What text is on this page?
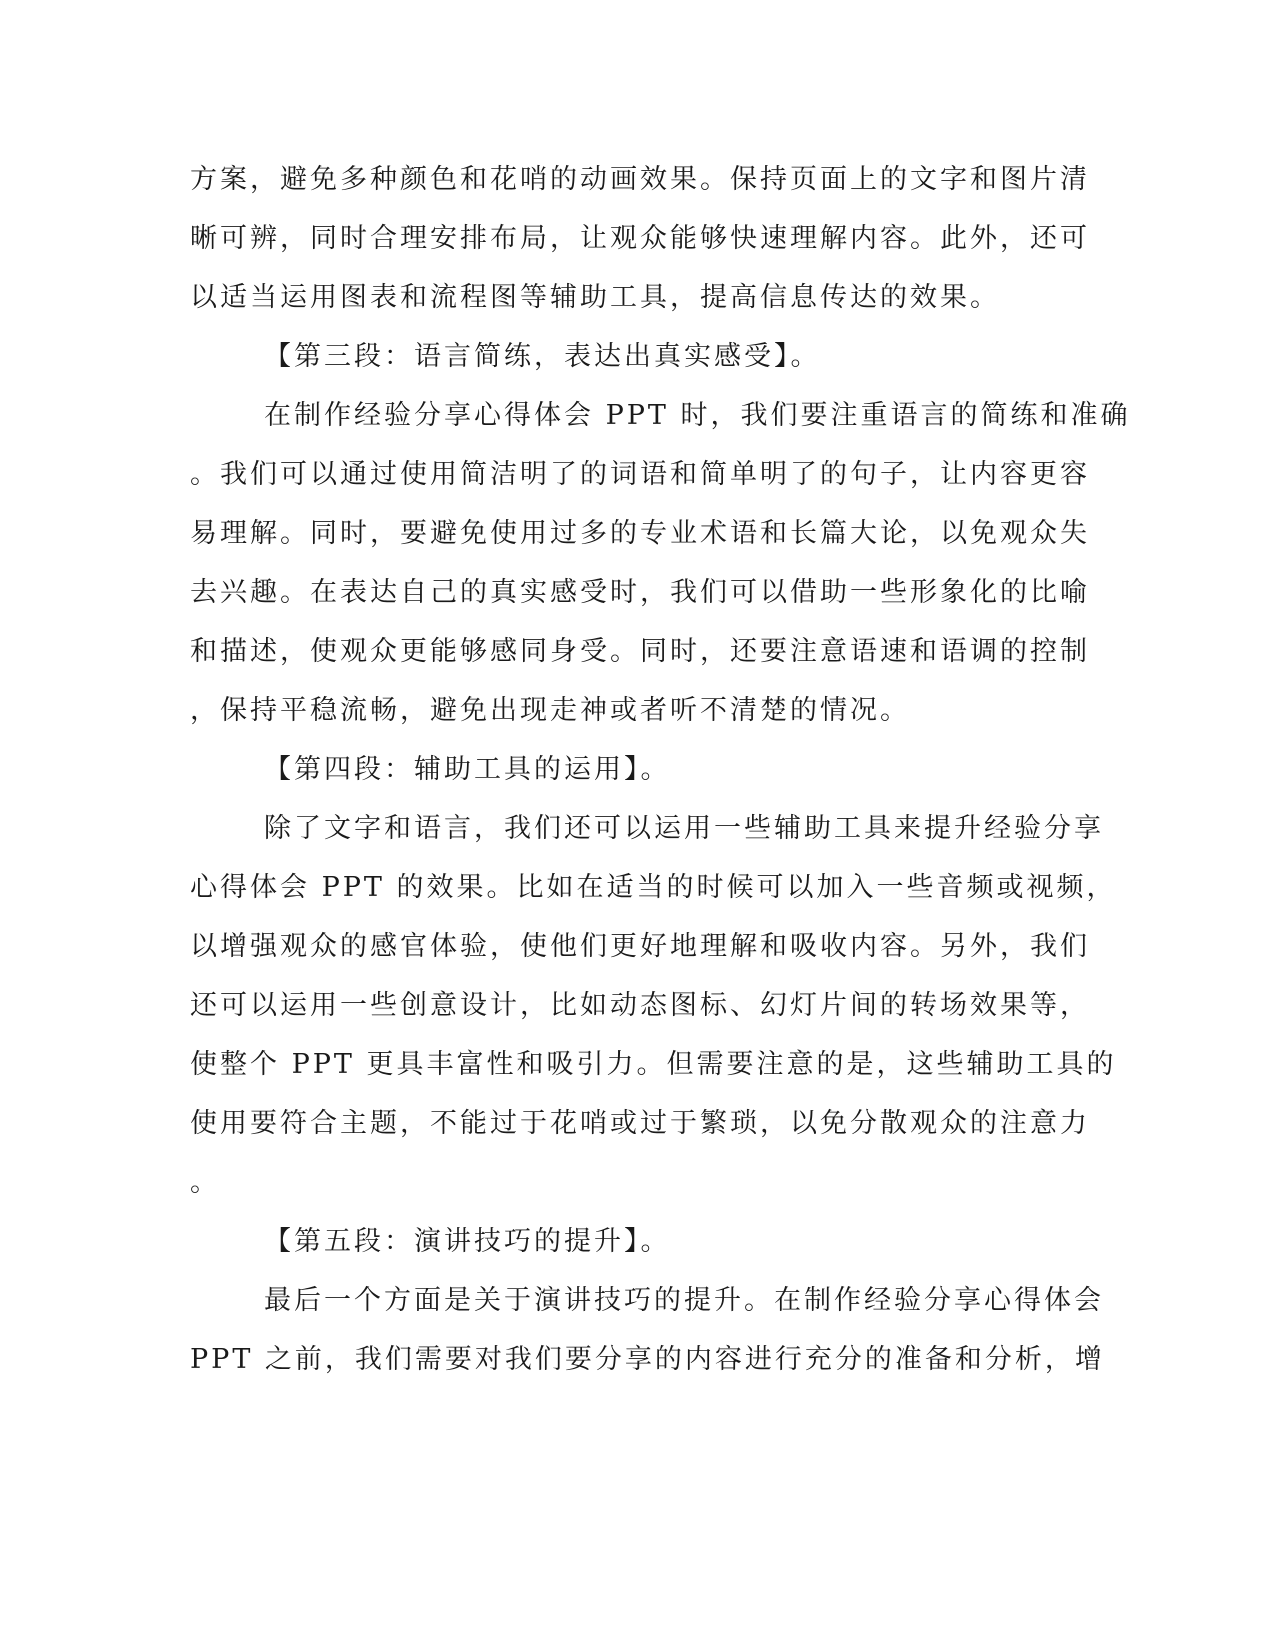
方案，避免多种颜色和花哨的动画效果。保持页面上的文字和图片清
晰可辨，同时合理安排布局，让观众能够快速理解内容。此外，还可
以适当运用图表和流程图等辅助工具，提高信息传达的效果。
【第三段：语言简练，表达出真实感受】。
在制作经验分享心得体会 PPT 时，我们要注重语言的简练和准确
。我们可以通过使用简洁明了的词语和简单明了的句子，让内容更容
易理解。同时，要避免使用过多的专业术语和长篇大论，以免观众失
去兴趣。在表达自己的真实感受时，我们可以借助一些形象化的比喻
和描述，使观众更能够感同身受。同时，还要注意语速和语调的控制
，保持平稳流畅，避免出现走神或者听不清楚的情况。
【第四段：辅助工具的运用】。
除了文字和语言，我们还可以运用一些辅助工具来提升经验分享
心得体会 PPT 的效果。比如在适当的时候可以加入一些音频或视频，
以增强观众的感官体验，使他们更好地理解和吸收内容。另外，我们
还可以运用一些创意设计，比如动态图标、幻灯片间的转场效果等，
使整个 PPT 更具丰富性和吸引力。但需要注意的是，这些辅助工具的
使用要符合主题，不能过于花哨或过于繁琐，以免分散观众的注意力
。
【第五段：演讲技巧的提升】。
最后一个方面是关于演讲技巧的提升。在制作经验分享心得体会
PPT 之前，我们需要对我们要分享的内容进行充分的准备和分析，增
